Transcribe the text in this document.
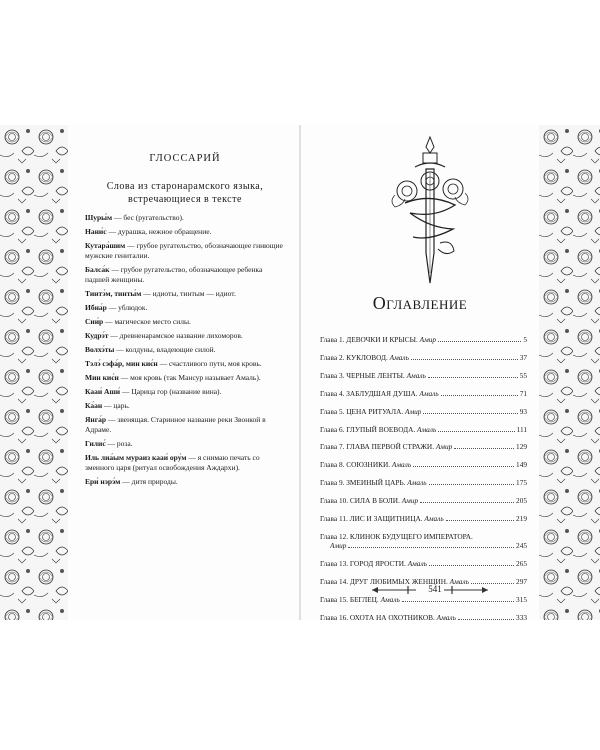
ГЛОССАРИЙ
Слова из старонарамского языка,
встречающиеся в тексте
Шуры́м — бес (ругательство).
Нани́с — дурашка, нежное обращение.
Кутара́шим — грубое ругательство, обозначающее гниющие мужские гениталии.
Балса́к — грубое ругательство, обозначающее ребенка падшей женщины.
Тинтэ́м, тинты́м — идиоты, тинтым — идиот.
Ибна́р — ублюдок.
Сии́р — магическое место силы.
Кудрэ́т — древненарамское название лихоморов.
Волхэ́ты — колдуны, владеющие силой.
Тэлэ́ сэфа́р, мин киє́н — счастливого пути, моя кровь.
Мин киє́н — моя кровь (так Мансур называет Амаль).
Кааи́ Аши́ — Царица гор (название вина).
Ка́ан — царь.
Янга́р — звенящая. Старинное название реки Звонкой в Адраме.
Гилис́ — роза.
Иль лиа́ым мураиз кааи́ ору́м — я снимаю печать со змеиного царя (ритуал освобождения Аждархи).
Ери́ нэрэ́м — дитя природы.
Оглавление
Глава 1. ДЕВОЧКИ И КРЫСЫ. Амир	5
Глава 2. КУКЛОВОД. Амаль	37
Глава 3. ЧЕРНЫЕ ЛЕНТЫ. Амаль	55
Глава 4. ЗАБЛУДШАЯ ДУША. Амаль	71
Глава 5. ЦЕНА РИТУАЛА. Амир	93
Глава 6. ГЛУПЫЙ ВОЕВОДА. Амаль	111
Глава 7. ГЛАВА ПЕРВОЙ СТРАЖИ. Амир	129
Глава 8. СОЮЗНИКИ. Амаль	149
Глава 9. ЗМЕИНЫЙ ЦАРЬ. Амаль	175
Глава 10. СИЛА В БОЛИ. Амир	205
Глава 11. ЛИС И ЗАЩИТНИЦА. Амаль	219
Глава 12. КЛИНОК БУДУЩЕГО ИМПЕРАТОРА.
Амир	245
Глава 13. ГОРОД ЯРОСТИ. Амаль	265
Глава 14. ДРУГ ЛЮБИМЫХ ЖЕНЩИН. Амаль	297
Глава 15. БЕГЛЕЦ. Амаль	315
Глава 16. ОХОТА НА ОХОТНИКОВ. Амаль	333
541
